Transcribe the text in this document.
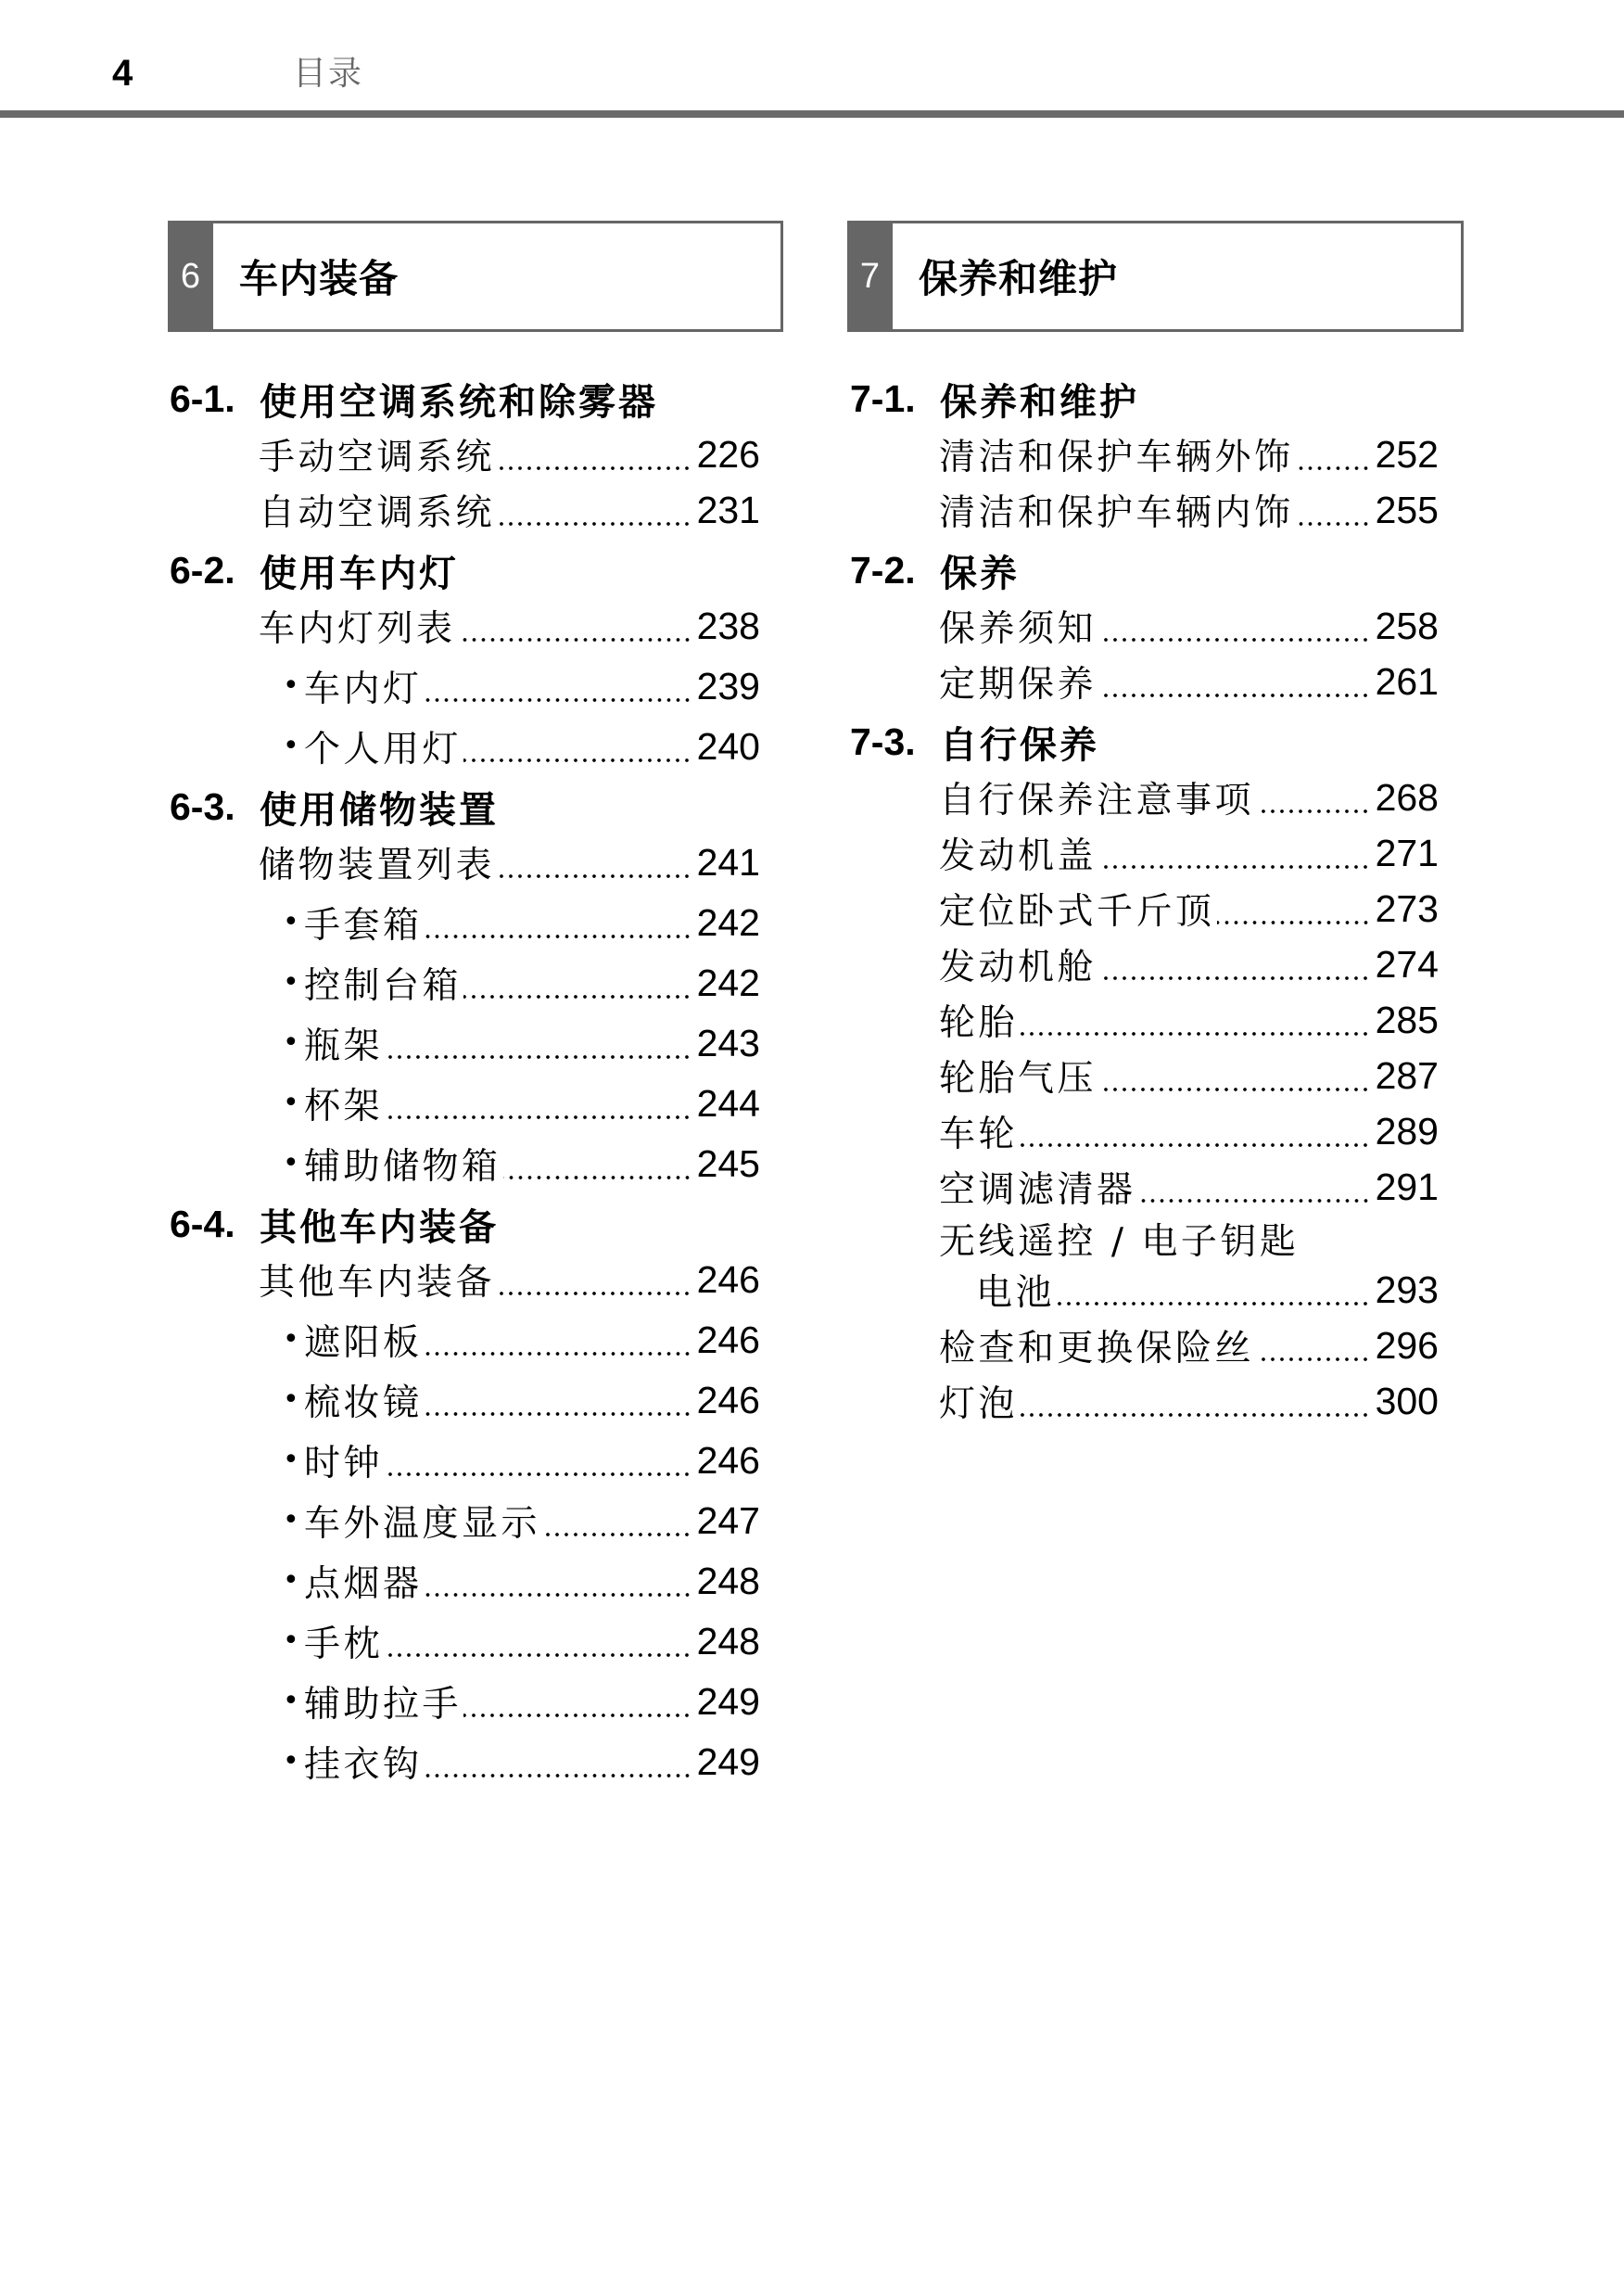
4	目录
6 车内装备	7 保养和维护
6-1. 使用空调系统和除雾器
手动空调系统	226
自动空调系统	231
6-2. 使用车内灯
车内灯列表	238
• 车内灯	239
• 个人用灯	240
6-3. 使用储物装置
储物装置列表	241
• 手套箱	242
• 控制台箱	242
• 瓶架	243
• 杯架	244
• 辅助储物箱	245
6-4. 其他车内装备
其他车内装备	246
• 遮阳板	246
• 梳妆镜	246
• 时钟	246
• 车外温度显示	247
• 点烟器	248
• 手枕	248
• 辅助拉手	249
• 挂衣钩	249
7-1. 保养和维护
清洁和保护车辆外饰 252
清洁和保护车辆内饰 255
7-2. 保养
保养须知	258
定期保养	261
7-3. 自行保养
自行保养注意事项	268
发动机盖	271
定位卧式千斤顶	273
发动机舱	274
轮胎	285
轮胎气压	287
车轮	289
空调滤清器	291
无线遥控 / 电子钥匙
电池	293
检查和更换保险丝	296
灯泡	300
